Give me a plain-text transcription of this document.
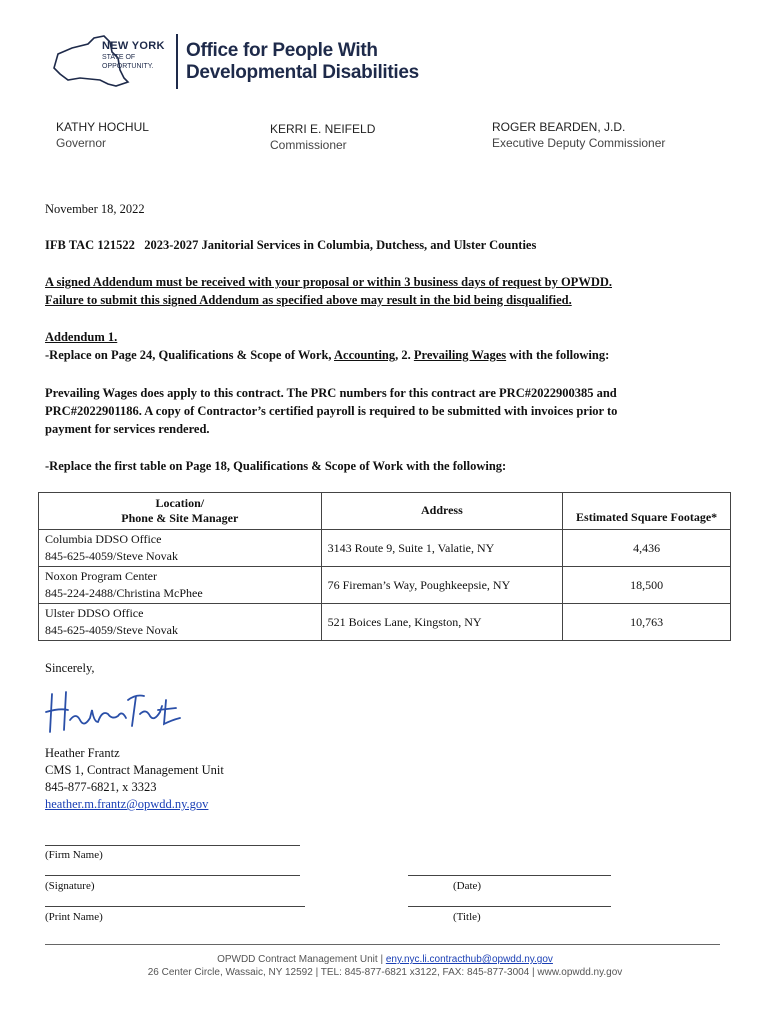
NEW YORK
STATE OF
OPPORTUNITY.
Office for People With
Developmental Disabilities
KATHY HOCHUL
Governor
KERRI E. NEIFELD
Commissioner
ROGER BEARDEN, J.D.
Executive Deputy Commissioner
November 18, 2022
IFB TAC 121522   2023-2027 Janitorial Services in Columbia, Dutchess, and Ulster Counties
A signed Addendum must be received with your proposal or within 3 business days of request by OPWDD.
Failure to submit this signed Addendum as specified above may result in the bid being disqualified.
Addendum 1.
-Replace on Page 24, Qualifications & Scope of Work, Accounting, 2. Prevailing Wages with the following:
Prevailing Wages does apply to this contract. The PRC numbers for this contract are PRC#2022900385 and
PRC#2022901186. A copy of Contractor’s certified payroll is required to be submitted with invoices prior to
payment for services rendered.
-Replace the first table on Page 18, Qualifications & Scope of Work with the following:
Location/
Phone & Site Manager	Address	Estimated Square Footage*

Columbia DDSO Office
845-625-4059/Steve Novak	3143 Route 9, Suite 1, Valatie, NY	4,436

Noxon Program Center
845-224-2488/Christina McPhee	76 Fireman’s Way, Poughkeepsie, NY	18,500

Ulster DDSO Office
845-625-4059/Steve Novak	521 Boices Lane, Kingston, NY	10,763
Sincerely,
Heather Frantz
CMS 1, Contract Management Unit
845-877-6821, x 3323
heather.m.frantz@opwdd.ny.gov
(Firm Name)
(Signature)	(Date)
(Print Name)	(Title)
OPWDD Contract Management Unit | eny.nyc.li.contracthub@opwdd.ny.gov
26 Center Circle, Wassaic, NY 12592 | TEL: 845-877-6821 x3122, FAX: 845-877-3004 | www.opwdd.ny.gov
